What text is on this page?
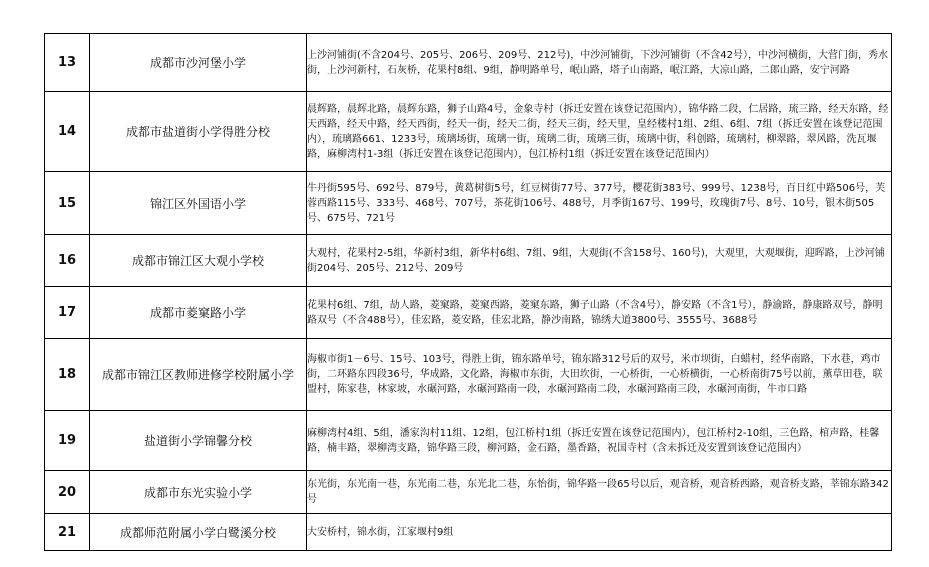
13	成都市沙河堡小学	上沙河铺街(不含204号、205号、206号、209号、212号)，中沙河铺街，下沙河铺街（不含42号），中沙河横街，大营门街，秀水街，上沙河新村，石灰桥，花果村8组、9组，静明路单号，岷山路，塔子山南路，岷江路，大凉山路，二郎山路，安宁河路
14	成都市盐道街小学得胜分校	晨辉路，晨辉北路，晨辉东路，狮子山路4号，金象寺村（拆迁安置在该登记范围内），锦华路二段，仁居路，琉三路，经天东路，经天西路，经天中路，经天西街，经天一街，经天二街，经天三街，经天里，皇经楼村1组、2组、6组、7组（拆迁安置在该登记范围内），琉璃路661、1233号，琉璃场街，琉璃一街，琉璃二街，琉璃三街，琉璃中街，科创路，琉璃村，柳翠路，翠风路，洗瓦堰路，麻柳湾村1-3组（拆迁安置在该登记范围内），包江桥村1组（拆迁安置在该登记范围内）
15	锦江区外国语小学	牛丹街595号、692号、879号，黄葛树街5号，红豆树街77号、377号，樱花街383号、999号、1238号，百日红中路506号，芙蓉西路115号、333号、468号、707号，茶花街106号、488号，月季街167号、199号，玫瑰街7号、8号、10号，银木街505号、675号、721号
16	成都市锦江区大观小学校	大观村，花果村2-5组，华新村3组，新华村6组、7组、9组，大观街(不含158号、160号)，大观里，大观堰街，迎晖路，上沙河铺街204号、205号、212号、209号
17	成都市菱窠路小学	花果村6组、7组，劼人路，菱窠路，菱窠西路，菱窠东路，狮子山路（不含4号），静安路（不含1号），静渝路，静康路双号，静明路双号（不含488号），佳宏路，菱安路，佳宏北路，静沙南路，锦绣大道3800号、3555号、3688号
18	成都市锦江区教师进修学校附属小学	海椒市街1－6号、15号、103号，得胜上街，锦东路单号，锦东路312号后的双号，米市坝街，白蜡村，经华南路，下水巷，鸡市街，二环路东四段36号，华成路，文化路，海椒市东街，大田坎街，一心桥街，一心桥横街，一心桥南街75号以前，薰草田巷，联盟村，陈家巷，林家坡，水碾河路，水碾河路南一段，水碾河路南二段，水碾河路南三段，水碾河南街，牛市口路
19	盐道街小学锦馨分校	麻柳湾村4组、5组，潘家沟村11组、12组，包江桥村1组（拆迁安置在该登记范围内），包江桥村2-10组，三色路，棺声路，桂馨路，楠丰路，翠柳湾支路，锦华路三段，柳河路，金石路，墨香路，祝国寺村（含未拆迁及安置到该登记范围内）
20	成都市东光实验小学	东光街，东光南一巷，东光南二巷，东光北二巷，东怡街，锦华路一段65号以后，观音桥，观音桥西路，观音桥支路，莘锦东路342号
21	成都师范附属小学白鹭溪分校	大安桥村，锦水街，江家堰村9组
